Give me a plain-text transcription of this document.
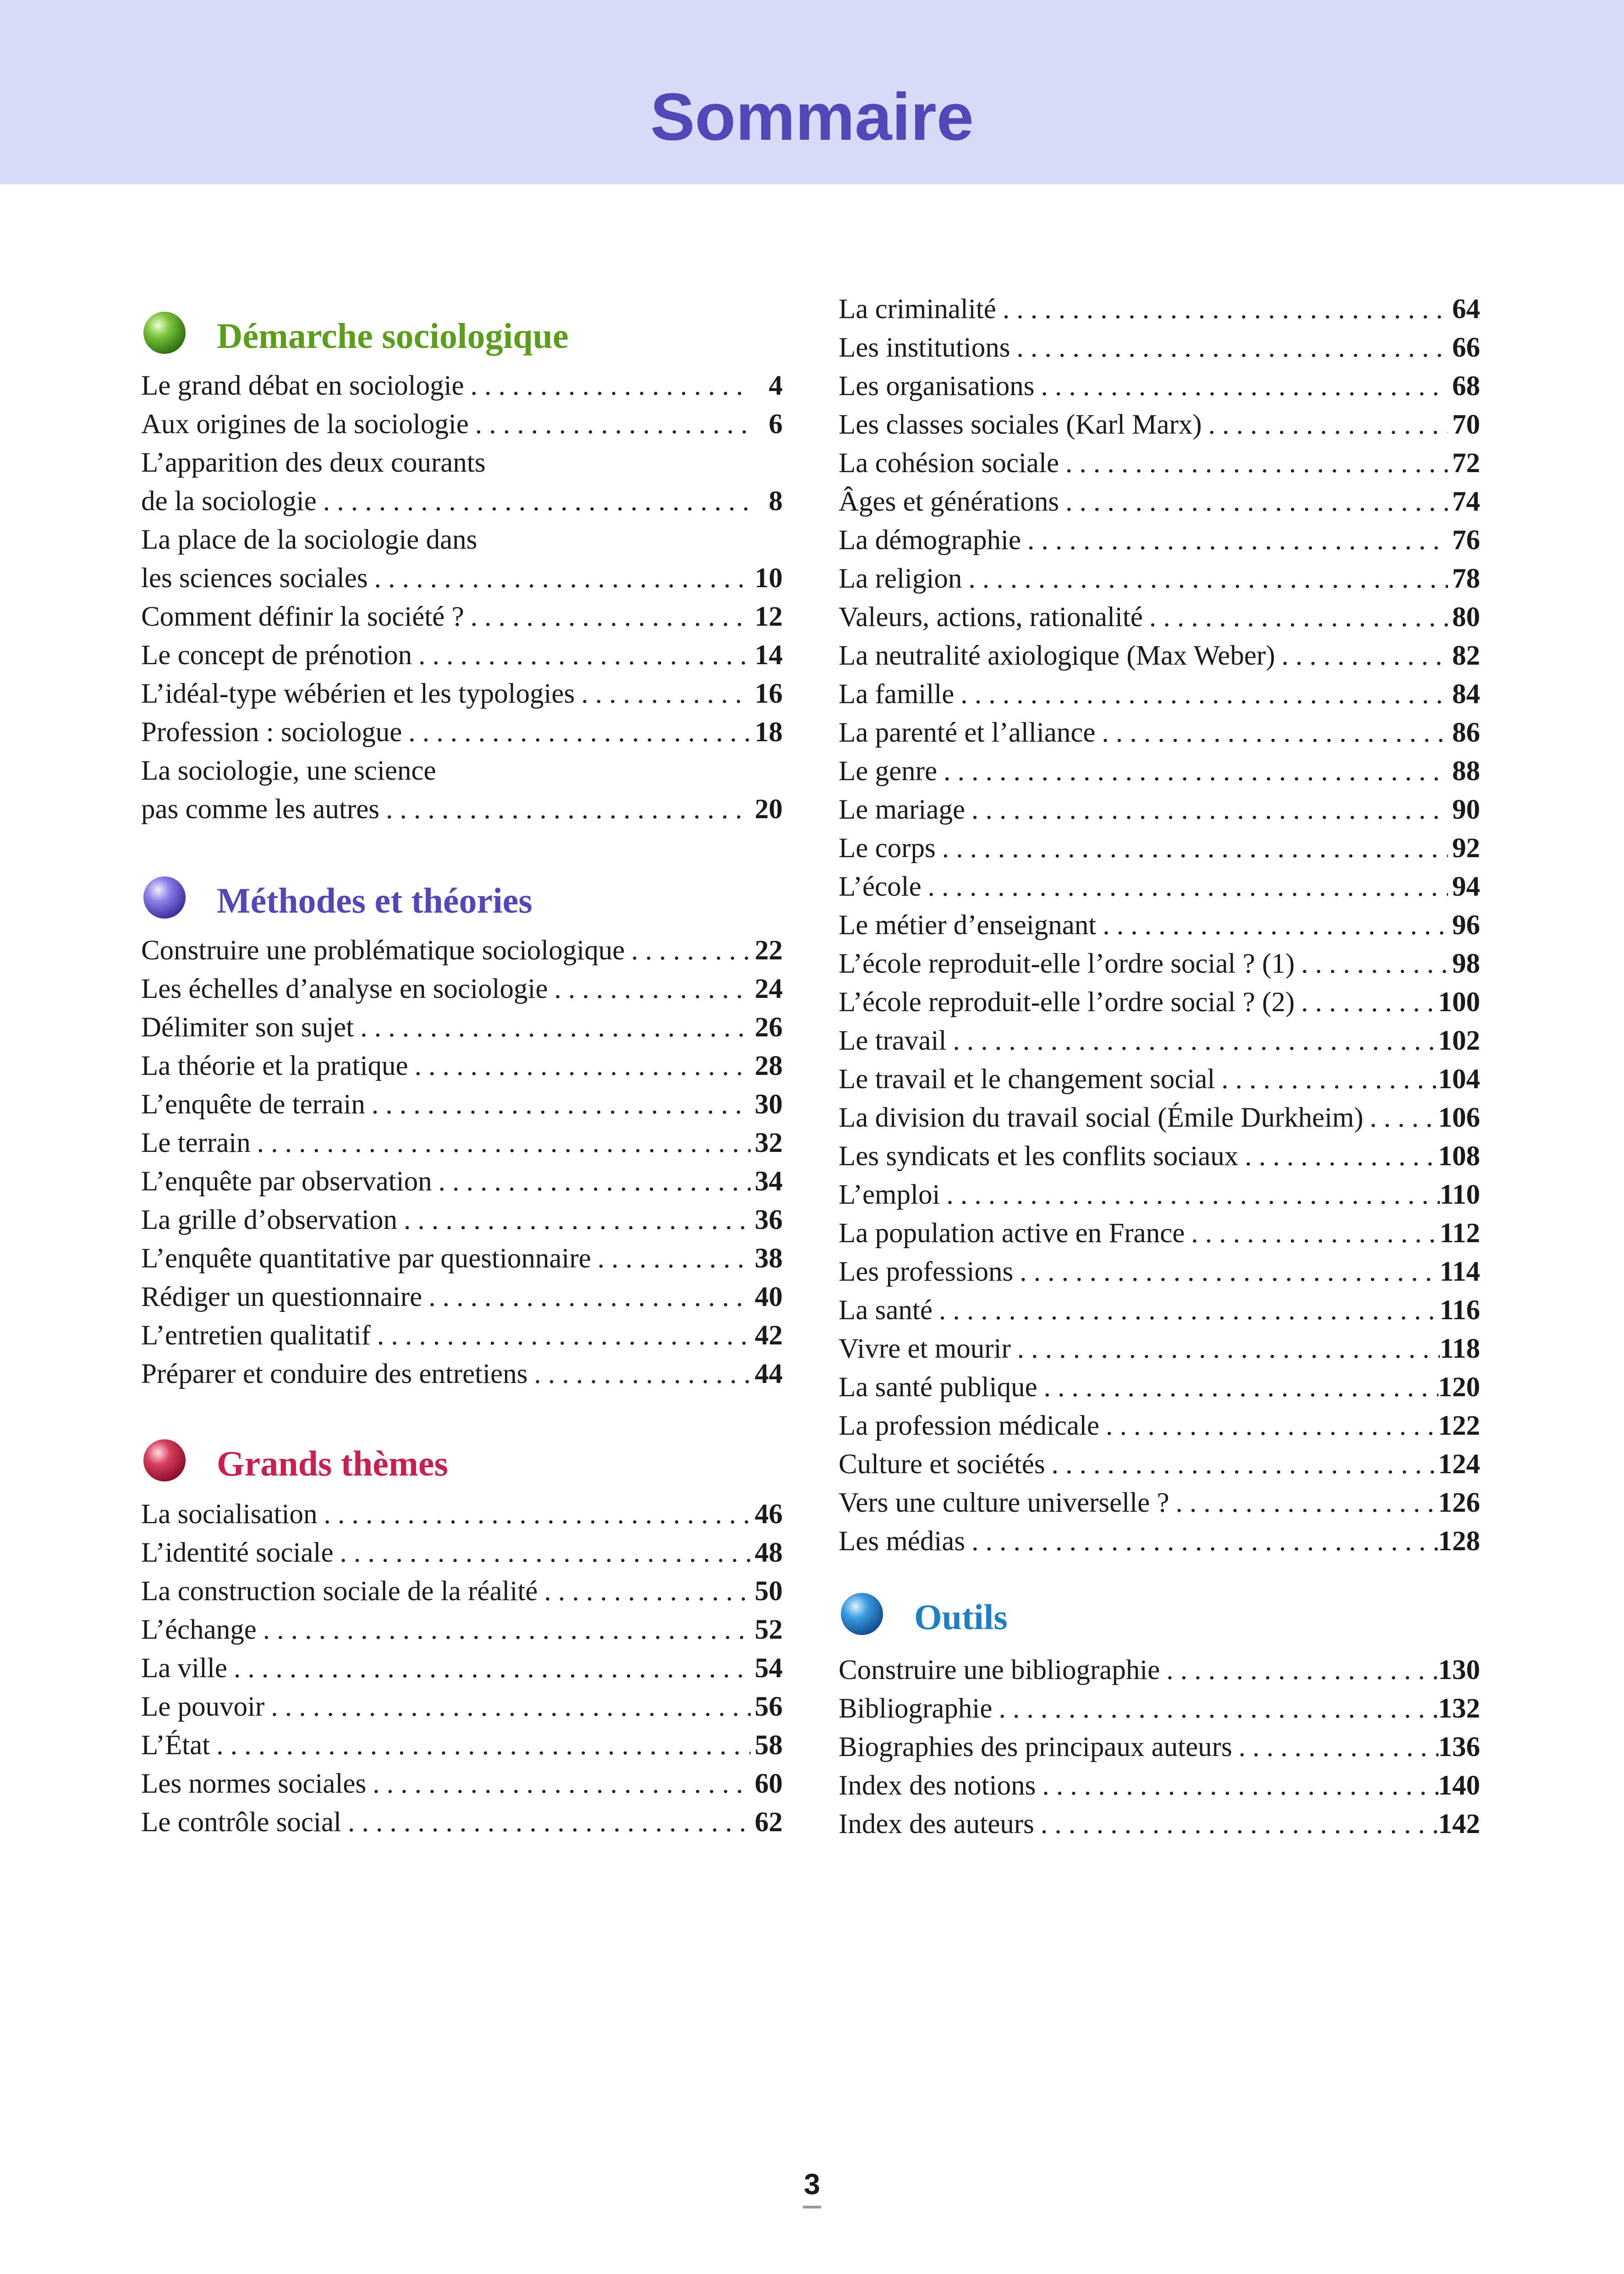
Sommaire
Démarche sociologique
Le grand débat en sociologie . . .	4
Aux origines de la sociologie . . .	6
L’apparition des deux courants
de la sociologie . . .	8
La place de la sociologie dans
les sciences sociales . . .	10
Comment définir la société ? . . .	12
Le concept de prénotion . . .	14
L’idéal-type wébérien et les typologies . . .	16
Profession : sociologue . . .	18
La sociologie, une science
pas comme les autres . . .	20
Méthodes et théories
Construire une problématique sociologique . . .	22
Les échelles d’analyse en sociologie . . .	24
Délimiter son sujet . . .	26
La théorie et la pratique . . .	28
L’enquête de terrain . . .	30
Le terrain . . .	32
L’enquête par observation . . .	34
La grille d’observation . . .	36
L’enquête quantitative par questionnaire . . .	38
Rédiger un questionnaire . . .	40
L’entretien qualitatif . . .	42
Préparer et conduire des entretiens . . .	44
Grands thèmes
La socialisation . . .	46
L’identité sociale . . .	48
La construction sociale de la réalité . . .	50
L’échange . . .	52
La ville . . .	54
Le pouvoir . . .	56
L’État . . .	58
Les normes sociales . . .	60
Le contrôle social . . .	62
La criminalité . . .	64
Les institutions . . .	66
Les organisations . . .	68
Les classes sociales (Karl Marx) . . .	70
La cohésion sociale . . .	72
Âges et générations . . .	74
La démographie . . .	76
La religion . . .	78
Valeurs, actions, rationalité . . .	80
La neutralité axiologique (Max Weber) . . .	82
La famille . . .	84
La parenté et l’alliance . . .	86
Le genre . . .	88
Le mariage . . .	90
Le corps . . .	92
L’école . . .	94
Le métier d’enseignant . . .	96
L’école reproduit-elle l’ordre social ? (1) . . .	98
L’école reproduit-elle l’ordre social ? (2) . . .	100
Le travail . . .	102
Le travail et le changement social . . .	104
La division du travail social (Émile Durkheim) . . .	106
Les syndicats et les conflits sociaux . . .	108
L’emploi . . .	110
La population active en France . . .	112
Les professions . . .	114
La santé . . .	116
Vivre et mourir . . .	118
La santé publique . . .	120
La profession médicale . . .	122
Culture et sociétés . . .	124
Vers une culture universelle ? . . .	126
Les médias . . .	128
Outils
Construire une bibliographie . . .	130
Bibliographie . . .	132
Biographies des principaux auteurs . . .	136
Index des notions . . .	140
Index des auteurs . . .	142
3
